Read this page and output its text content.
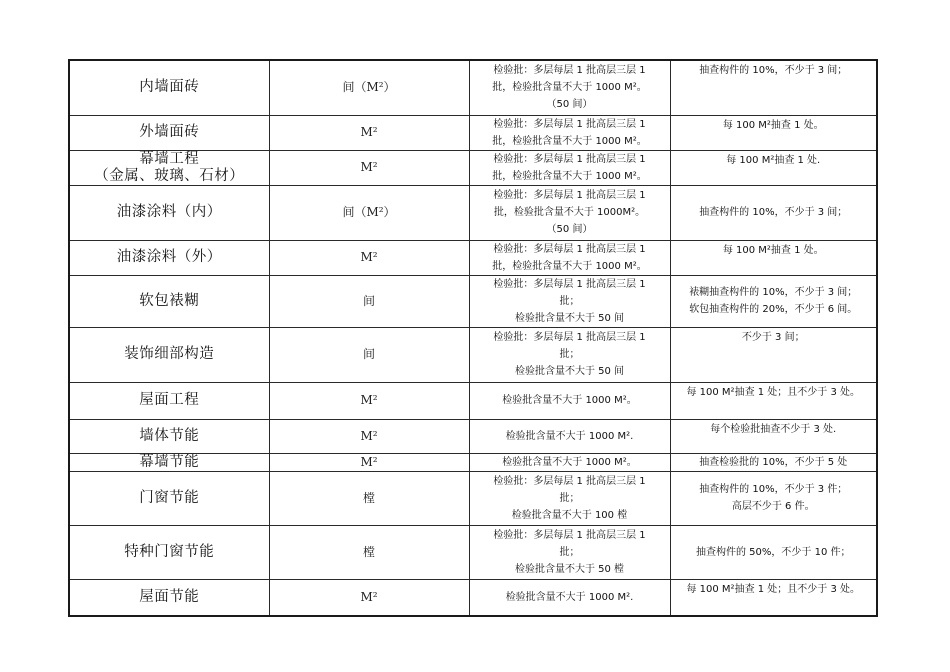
内墙面砖	间（M²）	检验批：多层每层 1 批高层三层 1
批，检验批含量不大于 1000 M²。
（50 间）	抽查构件的 10%，不少于 3 间；

外墙面砖	M²	检验批：多层每层 1 批高层三层 1
批，检验批含量不大于 1000 M²。	每 100 M²抽查 1 处。

幕墙工程
（金属、玻璃、石材）	M²	检验批：多层每层 1 批高层三层 1
批，检验批含量不大于 1000 M²。	每 100 M²抽查 1 处.

油漆涂料（内）	间（M²）	检验批：多层每层 1 批高层三层 1
批，检验批含量不大于 1000M²。
（50 间）	抽查构件的 10%，不少于 3 间；

油漆涂料（外）	M²	检验批：多层每层 1 批高层三层 1
批，检验批含量不大于 1000 M²。	每 100 M²抽查 1 处。

软包裱糊	间	检验批：多层每层 1 批高层三层 1
批；
检验批含量不大于 50 间	裱糊抽查构件的 10%，不少于 3 间；
软包抽查构件的 20%，不少于 6 间。

装饰细部构造	间	检验批：多层每层 1 批高层三层 1
批；
检验批含量不大于 50 间	不少于 3 间；

屋面工程	M²	检验批含量不大于 1000 M²。	每 100 M²抽查 1 处；且不少于 3 处。

墙体节能	M²	检验批含量不大于 1000 M².	每个检验批抽查不少于 3 处.

幕墙节能	M²	检验批含量不大于 1000 M²。	抽查检验批的 10%，不少于 5 处

门窗节能	樘	检验批：多层每层 1 批高层三层 1
批；
检验批含量不大于 100 樘	抽查构件的 10%，不少于 3 件；
高层不少于 6 件。

特种门窗节能	樘	检验批：多层每层 1 批高层三层 1
批；
检验批含量不大于 50 樘	抽查构件的 50%，不少于 10 件；

屋面节能	M²	检验批含量不大于 1000 M².	每 100 M²抽查 1 处；且不少于 3 处。
